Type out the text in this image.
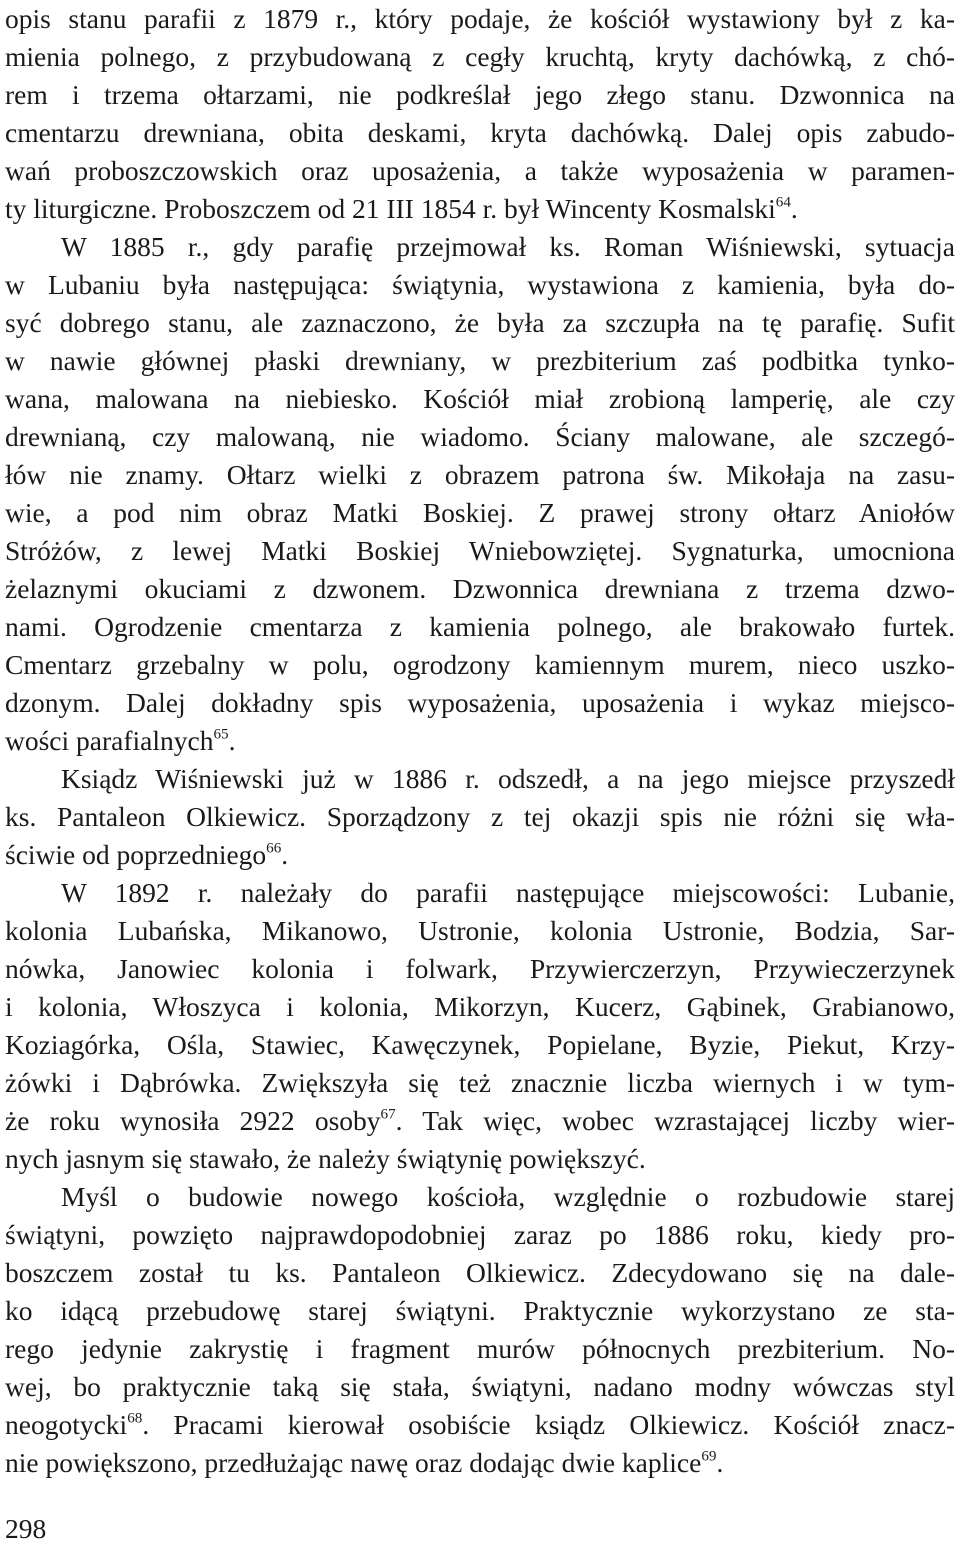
opis stanu parafii z 1879 r., który podaje, że kościół wystawiony był z ka-
mienia polnego, z przybudowaną z cegły kruchtą, kryty dachówką, z chó-
rem i trzema ołtarzami, nie podkreślał jego złego stanu. Dzwonnica na
cmentarzu drewniana, obita deskami, kryta dachówką. Dalej opis zabudo-
wań proboszczowskich oraz uposażenia, a także wyposażenia w paramen-
ty liturgiczne. Proboszczem od 21 III 1854 r. był Wincenty Kosmalski$^{64}$.
W 1885 r., gdy parafię przejmował ks. Roman Wiśniewski, sytuacja
w Lubaniu była następująca: świątynia, wystawiona z kamienia, była do-
syć dobrego stanu, ale zaznaczono, że była za szczupła na tę parafię. Sufit
w nawie głównej płaski drewniany, w prezbiterium zaś podbitka tynko-
wana, malowana na niebiesko. Kościół miał zrobioną lamperię, ale czy
drewnianą, czy malowaną, nie wiadomo. Ściany malowane, ale szczegó-
łów nie znamy. Ołtarz wielki z obrazem patrona św. Mikołaja na zasu-
wie, a pod nim obraz Matki Boskiej. Z prawej strony ołtarz Aniołów
Stróżów, z lewej Matki Boskiej Wniebowziętej. Sygnaturka, umocniona
żelaznymi okuciami z dzwonem. Dzwonnica drewniana z trzema dzwo-
nami. Ogrodzenie cmentarza z kamienia polnego, ale brakowało furtek.
Cmentarz grzebalny w polu, ogrodzony kamiennym murem, nieco uszko-
dzonym. Dalej dokładny spis wyposażenia, uposażenia i wykaz miejsco-
wości parafialnych$^{65}$.
Ksiądz Wiśniewski już w 1886 r. odszedł, a na jego miejsce przyszedł
ks. Pantaleon Olkiewicz. Sporządzony z tej okazji spis nie różni się wła-
ściwie od poprzedniego$^{66}$.
W 1892 r. należały do parafii następujące miejscowości: Lubanie,
kolonia Lubańska, Mikanowo, Ustronie, kolonia Ustronie, Bodzia, Sar-
nówka, Janowiec kolonia i folwark, Przywierczerzyn, Przywieczerzynek
i kolonia, Włoszyca i kolonia, Mikorzyn, Kucerz, Gąbinek, Grabianowo,
Koziagórka, Ośla, Stawiec, Kawęczynek, Popielane, Byzie, Piekut, Krzy-
żówki i Dąbrówka. Zwiększyła się też znacznie liczba wiernych i w tym-
że roku wynosiła 2922 osoby$^{67}$. Tak więc, wobec wzrastającej liczby wier-
nych jasnym się stawało, że należy świątynię powiększyć.
Myśl o budowie nowego kościoła, względnie o rozbudowie starej
świątyni, powzięto najprawdopodobniej zaraz po 1886 roku, kiedy pro-
boszczem został tu ks. Pantaleon Olkiewicz. Zdecydowano się na dale-
ko idącą przebudowę starej świątyni. Praktycznie wykorzystano ze sta-
rego jedynie zakrystię i fragment murów północnych prezbiterium. No-
wej, bo praktycznie taką się stała, świątyni, nadano modny wówczas styl
neogotycki$^{68}$. Pracami kierował osobiście ksiądz Olkiewicz. Kościół znacz-
nie powiększono, przedłużając nawę oraz dodając dwie kaplice$^{69}$.
298
